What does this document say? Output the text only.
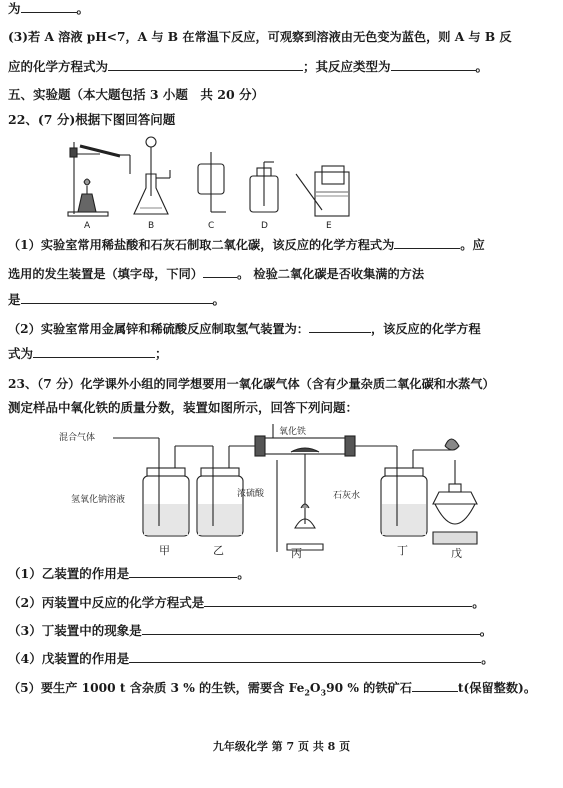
为	。
(3)若 A 溶液 pH<7，A 与 B 在常温下反应，可观察到溶液由无色变为蓝色，则 A 与 B 反
应的化学方程式为	；其反应类型为	。
五、实验题（本大题包括 3 小题　共 20 分）
22、(7 分)根据下图回答问题
A	B	C	D	E
（1）实验室常用稀盐酸和石灰石制取二氧化碳，该反应的化学方程式为	。应
选用的发生装置是（填字母，下同）	。 检验二氧化碳是否收集满的方法
是	。
（2）实验室常用金属锌和稀硫酸反应制取氢气装置为：	，该反应的化学方程
式为	；
23、（7 分）化学课外小组的同学想要用一氧化碳气体（含有少量杂质二氧化碳和水蒸气）
测定样品中氧化铁的质量分数，装置如图所示，回答下列问题：
混合气体
氢氧化钠溶液
浓硫酸
氧化铁
石灰水
甲	乙	丙	丁	戊
（1）乙装置的作用是	。
（2）丙装置中反应的化学方程式是	。
（3）丁装置中的现象是	。
（4）戊装置的作用是	。
（5）要生产 1000 t 含杂质 3 % 的生铁，需要含 $Fe_2O_390$ % 的铁矿石	t(保留整数)。
九年级化学 第 7 页 共 8 页
